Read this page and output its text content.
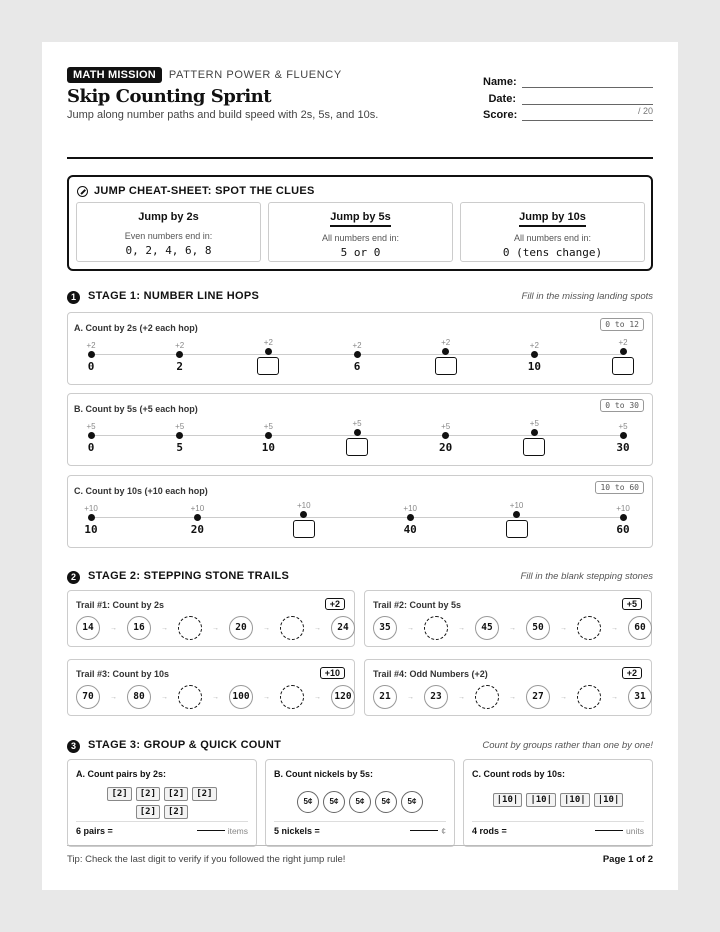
MATH MISSION	PATTERN POWER & FLUENCY
Skip Counting Sprint
Jump along number paths and build speed with 2s, 5s, and 10s.
Name:
Date:
Score:	/ 20
JUMP CHEAT-SHEET: SPOT THE CLUES
Jump by 2s
Even numbers end in:
0, 2, 4, 6, 8
Jump by 5s
All numbers end in:
5 or 0
Jump by 10s
All numbers end in:
0 (tens change)
1	STAGE 1: NUMBER LINE HOPS	Fill in the missing landing spots
A. Count by 2s (+2 each hop)	0 to 12
+2
0
+2
2
+2	+2
6
+2	+2
10
+2
B. Count by 5s (+5 each hop)	0 to 30
+5
0
+5
5
+5
10
+5	+5
20
+5	+5
30
C. Count by 10s (+10 each hop)	10 to 60
+10
10
+10
20
+10	+10
40
+10	+10
60
2	STAGE 2: STEPPING STONE TRAILS	Fill in the blank stepping stones
Trail #1: Count by 2s	+2
14	→	16	→	→	20	→	→	24
Trail #2: Count by 5s	+5
35	→	→	45	→	50	→	→	60
Trail #3: Count by 10s	+10
70	→	80	→	→	100	→	→	120
Trail #4: Odd Numbers (+2)	+2
21	→	23	→	→	27	→	→	31
3	STAGE 3: GROUP & QUICK COUNT	Count by groups rather than one by one!
A. Count pairs by 2s:
[2]	[2]	[2]	[2]
[2]	[2]
6 pairs =	items
B. Count nickels by 5s:
5¢	5¢	5¢	5¢	5¢
5 nickels =	¢
C. Count rods by 10s:
|10|	|10|	|10|	|10|
4 rods =	units
Tip: Check the last digit to verify if you followed the right jump rule!	Page 1 of 2
